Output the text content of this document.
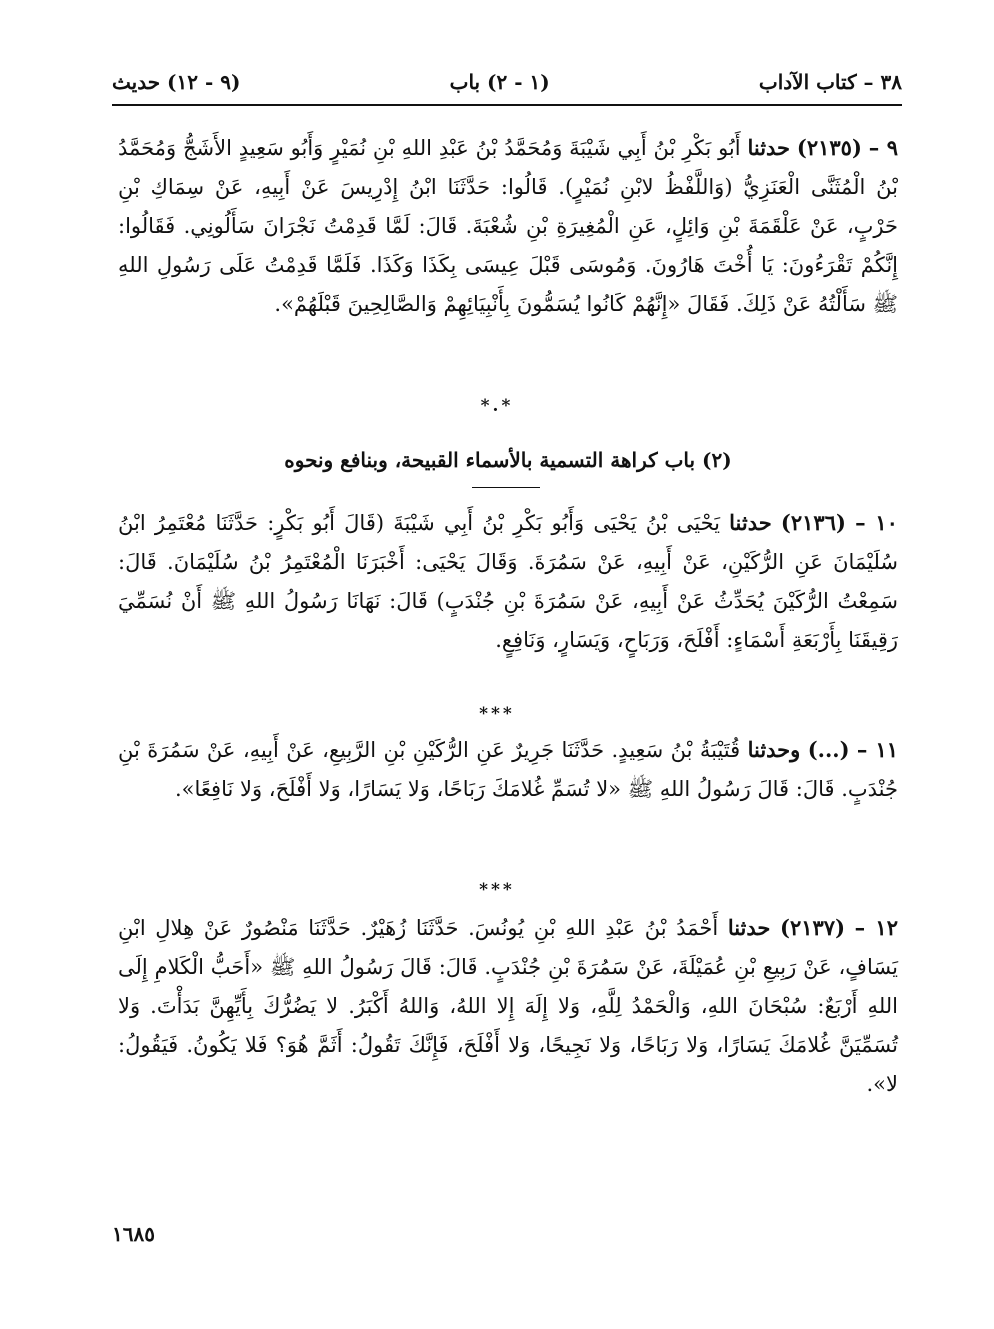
٣٨ – كتاب الآداب
(١ - ٢) باب
(٩ - ١٢) حديث

٩ – (٢١٣٥) حدثنا أَبُو بَكْرِ بْنُ أَبِي شَيْبَةَ وَمُحَمَّدُ بْنُ عَبْدِ اللهِ بْنِ نُمَيْرٍ وَأَبُو سَعِيدٍ الأَشَجُّ وَمُحَمَّدُ بْنُ الْمُثَنَّى الْعَنَزِيُّ (وَاللَّفْظُ لابْنِ نُمَيْرٍ). قَالُوا: حَدَّثَنَا ابْنُ إِدْرِيسَ عَنْ أَبِيهِ، عَنْ سِمَاكِ بْنِ حَرْبٍ، عَنْ عَلْقَمَةَ بْنِ وَائِلٍ، عَنِ الْمُغِيرَةِ بْنِ شُعْبَةَ. قَالَ: لَمَّا قَدِمْتُ نَجْرَانَ سَأَلُونِي. فَقَالُوا: إِنَّكُمْ تَقْرَءُونَ: يَا أُخْتَ هَارُونَ. وَمُوسَى قَبْلَ عِيسَى بِكَذَا وَكَذَا. فَلَمَّا قَدِمْتُ عَلَى رَسُولِ اللهِ ﷺ سَأَلْتُهُ عَنْ ذَلِكَ. فَقَالَ «إِنَّهُمْ كَانُوا يُسَمُّونَ بِأَنْبِيَائِهِمْ وَالصَّالِحِينَ قَبْلَهُمْ».

*.*
(٢) باب كراهة التسمية بالأسماء القبيحة، وبنافع ونحوه

١٠ – (٢١٣٦) حدثنا يَحْيَى بْنُ يَحْيَى وَأَبُو بَكْرِ بْنُ أَبِي شَيْبَةَ (قَالَ أَبُو بَكْرٍ: حَدَّثَنَا مُعْتَمِرُ ابْنُ سُلَيْمَانَ عَنِ الرُّكَيْنِ، عَنْ أَبِيهِ، عَنْ سَمُرَةَ. وَقَالَ يَحْيَى: أَخْبَرَنَا الْمُعْتَمِرُ بْنُ سُلَيْمَانَ. قَالَ: سَمِعْتُ الرُّكَيْنَ يُحَدِّثُ عَنْ أَبِيهِ، عَنْ سَمُرَةَ بْنِ جُنْدَبٍ) قَالَ: نَهَانَا رَسُولُ اللهِ ﷺ أَنْ نُسَمِّيَ رَقِيقَنَا بِأَرْبَعَةِ أَسْمَاءٍ: أَفْلَحَ، وَرَبَاحٍ، وَيَسَارٍ، وَنَافِعٍ.

***

١١ – (...) وحدثنا قُتَيْبَةُ بْنُ سَعِيدٍ. حَدَّثَنَا جَرِيرٌ عَنِ الرُّكَيْنِ بْنِ الرَّبِيعِ، عَنْ أَبِيهِ، عَنْ سَمُرَةَ بْنِ جُنْدَبٍ. قَالَ: قَالَ رَسُولُ اللهِ ﷺ «لا تُسَمِّ غُلامَكَ رَبَاحًا، وَلا يَسَارًا، وَلا أَفْلَحَ، وَلا نَافِعًا».

***

١٢ – (٢١٣٧) حدثنا أَحْمَدُ بْنُ عَبْدِ اللهِ بْنِ يُونُسَ. حَدَّثَنَا زُهَيْرٌ. حَدَّثَنَا مَنْصُورٌ عَنْ هِلالِ ابْنِ يَسَافٍ، عَنْ رَبِيعِ بْنِ عُمَيْلَةَ، عَنْ سَمُرَةَ بْنِ جُنْدَبٍ. قَالَ: قَالَ رَسُولُ اللهِ ﷺ «أَحَبُّ الْكَلامِ إِلَى اللهِ أَرْبَعٌ: سُبْحَانَ اللهِ، وَالْحَمْدُ لِلَّهِ، وَلا إِلَهَ إِلا اللهُ، وَاللهُ أَكْبَرُ. لا يَضُرُّكَ بِأَيِّهِنَّ بَدَأْتَ. وَلا تُسَمِّيَنَّ غُلامَكَ يَسَارًا، وَلا رَبَاحًا، وَلا نَجِيحًا، وَلا أَفْلَحَ، فَإِنَّكَ تَقُولُ: أَثَمَّ هُوَ؟ فَلا يَكُونُ. فَيَقُولُ: لا».

١٦٨٥
